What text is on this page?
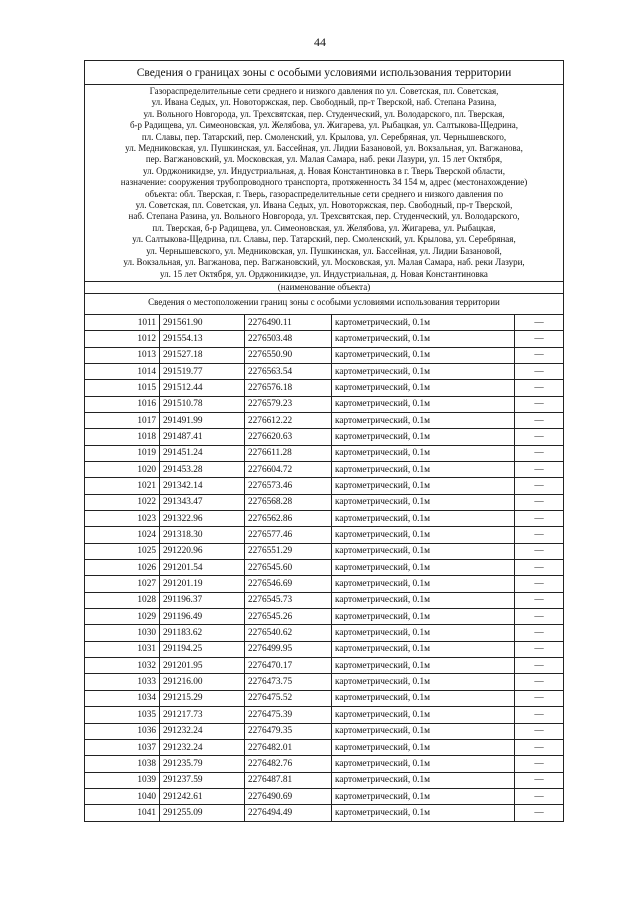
44
Сведения о границах зоны с особыми условиями использования территории
Газораспределительные сети среднего и низкого давления по ул. Советская, пл. Советская,
ул. Ивана Седых, ул. Новоторжская, пер. Свободный, пр-т Тверской, наб. Степана Разина,
ул. Вольного Новгорода, ул. Трехсвятская, пер. Студенческий, ул. Володарского, пл. Тверская,
б-р Радищева, ул. Симеоновская, ул. Желябова, ул. Жигарева, ул. Рыбацкая, ул. Салтыкова-Щедрина,
пл. Славы, пер. Татарский, пер. Смоленский, ул. Крылова, ул. Серебряная, ул. Чернышевского,
ул. Медниковская, ул. Пушкинская, ул. Бассейная, ул. Лидии Базановой, ул. Вокзальная, ул. Вагжанова,
пер. Вагжановский, ул. Московская, ул. Малая Самара, наб. реки Лазури, ул. 15 лет Октября,
ул. Орджоникидзе, ул. Индустриальная, д. Новая Константиновка в г. Тверь Тверской области,
назначение: сооружения трубопроводного транспорта, протяженность 34 154 м, адрес (местонахождение)
объекта: обл. Тверская, г. Тверь, газораспределительные сети среднего и низкого давления по
ул. Советская, пл. Советская, ул. Ивана Седых, ул. Новоторжская, пер. Свободный, пр-т Тверской,
наб. Степана Разина, ул. Вольного Новгорода, ул. Трехсвятская, пер. Студенческий, ул. Володарского,
пл. Тверская, б-р Радищева, ул. Симеоновская, ул. Желябова, ул. Жигарева, ул. Рыбацкая,
ул. Салтыкова-Щедрина, пл. Славы, пер. Татарский, пер. Смоленский, ул. Крылова, ул. Серебряная,
ул. Чернышевского, ул. Медниковская, ул. Пушкинская, ул. Бассейная, ул. Лидии Базановой,
ул. Вокзальная, ул. Вагжанова, пер. Вагжановский, ул. Московская, ул. Малая Самара, наб. реки Лазури,
ул. 15 лет Октября, ул. Орджоникидзе, ул. Индустриальная, д. Новая Константиновка
(наименование объекта)
Сведения о местоположении границ зоны с особыми условиями использования территории
1011	291561.90	2276490.11	картометрический, 0.1м	—
1012	291554.13	2276503.48	картометрический, 0.1м	—
1013	291527.18	2276550.90	картометрический, 0.1м	—
1014	291519.77	2276563.54	картометрический, 0.1м	—
1015	291512.44	2276576.18	картометрический, 0.1м	—
1016	291510.78	2276579.23	картометрический, 0.1м	—
1017	291491.99	2276612.22	картометрический, 0.1м	—
1018	291487.41	2276620.63	картометрический, 0.1м	—
1019	291451.24	2276611.28	картометрический, 0.1м	—
1020	291453.28	2276604.72	картометрический, 0.1м	—
1021	291342.14	2276573.46	картометрический, 0.1м	—
1022	291343.47	2276568.28	картометрический, 0.1м	—
1023	291322.96	2276562.86	картометрический, 0.1м	—
1024	291318.30	2276577.46	картометрический, 0.1м	—
1025	291220.96	2276551.29	картометрический, 0.1м	—
1026	291201.54	2276545.60	картометрический, 0.1м	—
1027	291201.19	2276546.69	картометрический, 0.1м	—
1028	291196.37	2276545.73	картометрический, 0.1м	—
1029	291196.49	2276545.26	картометрический, 0.1м	—
1030	291183.62	2276540.62	картометрический, 0.1м	—
1031	291194.25	2276499.95	картометрический, 0.1м	—
1032	291201.95	2276470.17	картометрический, 0.1м	—
1033	291216.00	2276473.75	картометрический, 0.1м	—
1034	291215.29	2276475.52	картометрический, 0.1м	—
1035	291217.73	2276475.39	картометрический, 0.1м	—
1036	291232.24	2276479.35	картометрический, 0.1м	—
1037	291232.24	2276482.01	картометрический, 0.1м	—
1038	291235.79	2276482.76	картометрический, 0.1м	—
1039	291237.59	2276487.81	картометрический, 0.1м	—
1040	291242.61	2276490.69	картометрический, 0.1м	—
1041	291255.09	2276494.49	картометрический, 0.1м	—
